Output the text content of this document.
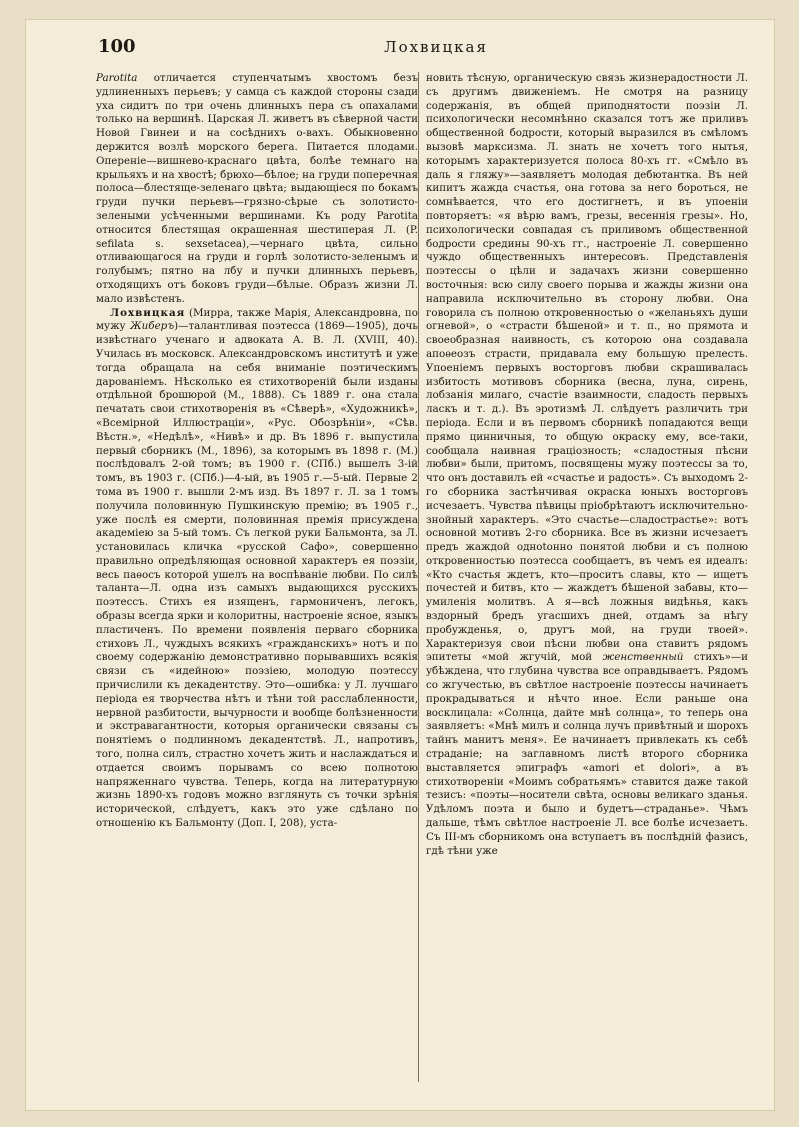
100	Лохвицкая

Parotita отличается ступенчатымъ хвостомъ безъ удлиненныхъ перьевъ; у самца съ каждой стороны сзади уха сидитъ по три очень длинныхъ пера съ опахалами только на вершинѣ. Царская Л. живетъ въ сѣверной части Новой Гвинеи и на сосѣднихъ о-вахъ. Обыкновенно держится возлѣ морского берега. Питается плодами. Опереніе—вишнево-краснаго цвѣта, болѣе темнаго на крыльяхъ и на хвостѣ; брюхо—бѣлое; на груди поперечная полоса—блестяще-зеленаго цвѣта; выдающіеся по бокамъ груди пучки перьевъ—грязно-сѣрые съ золотисто-зелеными усѣченными вершинами. Къ роду Parotita относится блестящая окрашенная шестиперая Л. (P. sefilata s. sexsetacea),—чернаго цвѣта, сильно отливающагося на груди и горлѣ золотисто-зеленымъ и голубымъ; пятно на лбу и пучки длинныхъ перьевъ, отходящихъ отъ боковъ груди—бѣлые. Образъ жизни Л. мало извѣстенъ.

Лохвицкая (Мирра, также Марія, Александровна, по мужу Жиберъ)—талантливая поэтесса (1869—1905), дочь извѣстнаго ученаго и адвоката А. В. Л. (XVIII, 40). Училась въ московск. Александровскомъ институтѣ и уже тогда обращала на себя вниманіе поэтическимъ дарованіемъ. Нѣсколько ея стихотвореній были изданы отдѣльной брошюрой (М., 1888). Съ 1889 г. она стала печатать свои стихотворенія въ «Сѣверѣ», «Художникѣ», «Всемірной Иллюстраціи», «Рус. Обозрѣніи», «Сѣв. Вѣстн.», «Недѣлѣ», «Нивѣ» и др. Въ 1896 г. выпустила первый сборникъ (М., 1896), за которымъ въ 1898 г. (М.) послѣдовалъ 2-ой томъ; въ 1900 г. (СПб.) вышелъ 3-ій томъ, въ 1903 г. (СПб.)—4-ый, въ 1905 г.—5-ый. Первые 2 тома въ 1900 г. вышли 2-мъ изд. Въ 1897 г. Л. за 1 томъ получила половинную Пушкинскую премію; въ 1905 г., уже послѣ ея смерти, половинная премія присуждена академіею за 5-ый томъ. Съ легкой руки Бальмонта, за Л. установилась кличка «русской Сафо», совершенно правильно опредѣляющая основной характеръ ея поэзіи, весь паѳосъ которой ушелъ на воспѣваніе любви. По силѣ таланта—Л. одна изъ самыхъ выдающихся русскихъ поэтессъ. Стихъ ея изященъ, гармониченъ, легокъ, образы всегда ярки и колоритны, настроеніе ясное, языкъ пластиченъ. По времени появленія перваго сборника стиховъ Л., чуждыхъ всякихъ «гражданскихъ» нотъ и по своему содержанію демонстративно порывавшихъ всякія связи съ «идейною» поэзіею, молодую поэтессу причислили къ декадентству. Это—ошибка: у Л. лучшаго періода ея творчества нѣтъ и тѣни той расслабленности, нервной разбитости, вычурности и вообще болѣзненности и экстравагантности, которыя органически связаны съ понятіемъ о подлинномъ декадентствѣ. Л., напротивъ, того, полна силъ, страстно хочетъ жить и наслаждаться и отдается своимъ порывамъ со всею полнотою напряженнаго чувства. Теперь, когда на литературную жизнь 1890-хъ годовъ можно взглянуть съ точки зрѣнія исторической, слѣдуетъ, какъ это уже сдѣлано по отношенію къ Бальмонту (Доп. I, 208), уста-

новить тѣсную, органическую связь жизнерадостности Л. съ другимъ движеніемъ. Не смотря на разницу содержанія, въ общей приподнятости поэзіи Л. психологически несомнѣнно сказался тотъ же приливъ общественной бодрости, который выразился въ смѣломъ вызовѣ марксизма. Л. знать не хочетъ того нытья, которымъ характеризуется полоса 80-хъ гг. «Смѣло въ даль я гляжу»—заявляетъ молодая дебютантка. Въ ней кипитъ жажда счастья, она готова за него бороться, не сомнѣвается, что его достигнетъ, и въ упоеніи повторяетъ: «я вѣрю вамъ, грезы, весеннія грезы». Но, психологически совпадая съ приливомъ общественной бодрости средины 90-хъ гг., настроеніе Л. совершенно чуждо общественныхъ интересовъ. Представленія поэтессы о цѣли и задачахъ жизни совершенно восточныя: всю силу своего порыва и жажды жизни она направила исключительно въ сторону любви. Она говорила съ полною откровенностью о «желаньяхъ души огневой», о «страсти бѣшеной» и т. п., но прямота и своеобразная наивность, съ которою она создавала апоѳеозъ страсти, придавала ему большую прелесть. Упоеніемъ первыхъ восторговъ любви скрашивалась избитость мотивовъ сборника (весна, луна, сирень, лобзанія милаго, счастіе взаимности, сладость первыхъ ласкъ и т. д.). Въ эротизмѣ Л. слѣдуетъ различить три періода. Если и въ первомъ сборникѣ попадаются вещи прямо цинничныя, то общую окраску ему, все-таки, сообщала наивная граціозность; «сладостныя пѣсни любви» были, притомъ, посвящены мужу поэтессы за то, что онъ доставилъ ей «счастье и радость». Съ выходомъ 2-го сборника застѣнчивая окраска юныхъ восторговъ исчезаетъ. Чувства пѣвицы пріобрѣтаютъ исключительно-знойный характеръ. «Это счастье—сладострастье»: вотъ основной мотивъ 2-го сборника. Все въ жизни исчезаетъ предъ жаждой одноtонно понятой любви и съ полною откровенностью поэтесса сообщаетъ, въ чемъ ея идеалъ: «Кто счастья ждетъ, кто—проситъ славы, кто — ищетъ почестей и битвъ, кто — жаждетъ бѣшеной забавы, кто—умиленія молитвъ. А я—всѣ ложныя видѣнья, какъ вздорный бредъ угасшихъ дней, отдамъ за нѣгу пробужденья, о, другъ мой, на груди твоей». Характеризуя свои пѣсни любви она ставитъ рядомъ эпитеты «мой жгучій, мой женственный стихъ»—и убѣждена, что глубина чувства все оправдываетъ. Рядомъ со жгучестью, въ свѣтлое настроеніе поэтессы начинаетъ прокрадываться и нѣчто иное. Если раньше она восклицала: «Солнца, дайте мнѣ солнца», то теперь она заявляетъ: «Мнѣ милъ и солнца лучъ привѣтный и шорохъ тайнъ манитъ меня». Ее начинаетъ привлекать къ себѣ страданіе; на заглавномъ листѣ второго сборника выставляется эпиграфъ «amori et dolori», а въ стихотвореніи «Моимъ собратьямъ» ставится даже такой тезисъ: «поэты—носители свѣта, основы великаго зданья. Удѣломъ поэта и было и будетъ—страданье». Чѣмъ дальше, тѣмъ свѣтлое настроеніе Л. все болѣе исчезаетъ. Съ III-мъ сборникомъ она вступаетъ въ послѣдній фазисъ, гдѣ тѣни уже
